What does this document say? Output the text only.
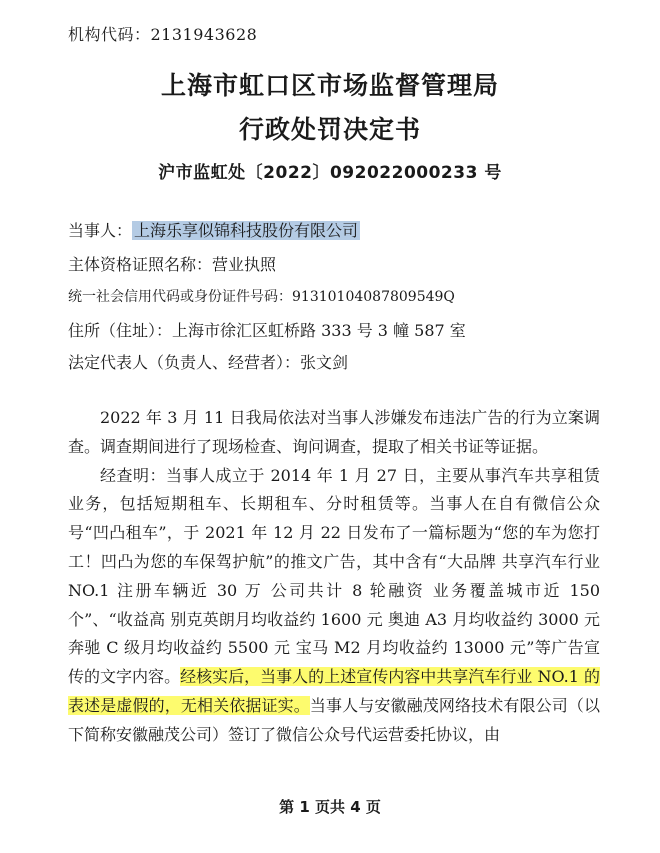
机构代码：2131943628
上海市虹口区市场监督管理局
行政处罚决定书
沪市监虹处〔2022〕092022000233 号
当事人： 上海乐享似锦科技股份有限公司
主体资格证照名称：营业执照
统一社会信用代码或身份证件号码：91310104087809549Q
住所（住址）：上海市徐汇区虹桥路 333 号 3 幢 587 室
法定代表人（负责人、经营者）：张文剑

2022 年 3 月 11 日我局依法对当事人涉嫌发布违法广告的行为立案调查。调查期间进行了现场检查、询问调查，提取了相关书证等证据。

经查明：当事人成立于 2014 年 1 月 27 日，主要从事汽车共享租赁业务，包括短期租车、长期租车、分时租赁等。当事人在自有微信公众号“凹凸租车”，于 2021 年 12 月 22 日发布了一篇标题为“您的车为您打工！凹凸为您的车保驾护航”的推文广告，其中含有“大品牌 共享汽车行业 NO.1 注册车辆近 30 万 公司共计 8 轮融资 业务覆盖城市近 150 个”、“收益高 别克英朗月均收益约 1600 元 奥迪 A3 月均收益约 3000 元 奔驰 C 级月均收益约 5500 元 宝马 M2 月均收益约 13000 元”等广告宣传的文字内容。经核实后，当事人的上述宣传内容中共享汽车行业 NO.1 的表述是虚假的，无相关依据证实。当事人与安徽融茂网络技术有限公司（以下简称安徽融茂公司）签订了微信公众号代运营委托协议，由

第 1 页共 4 页
